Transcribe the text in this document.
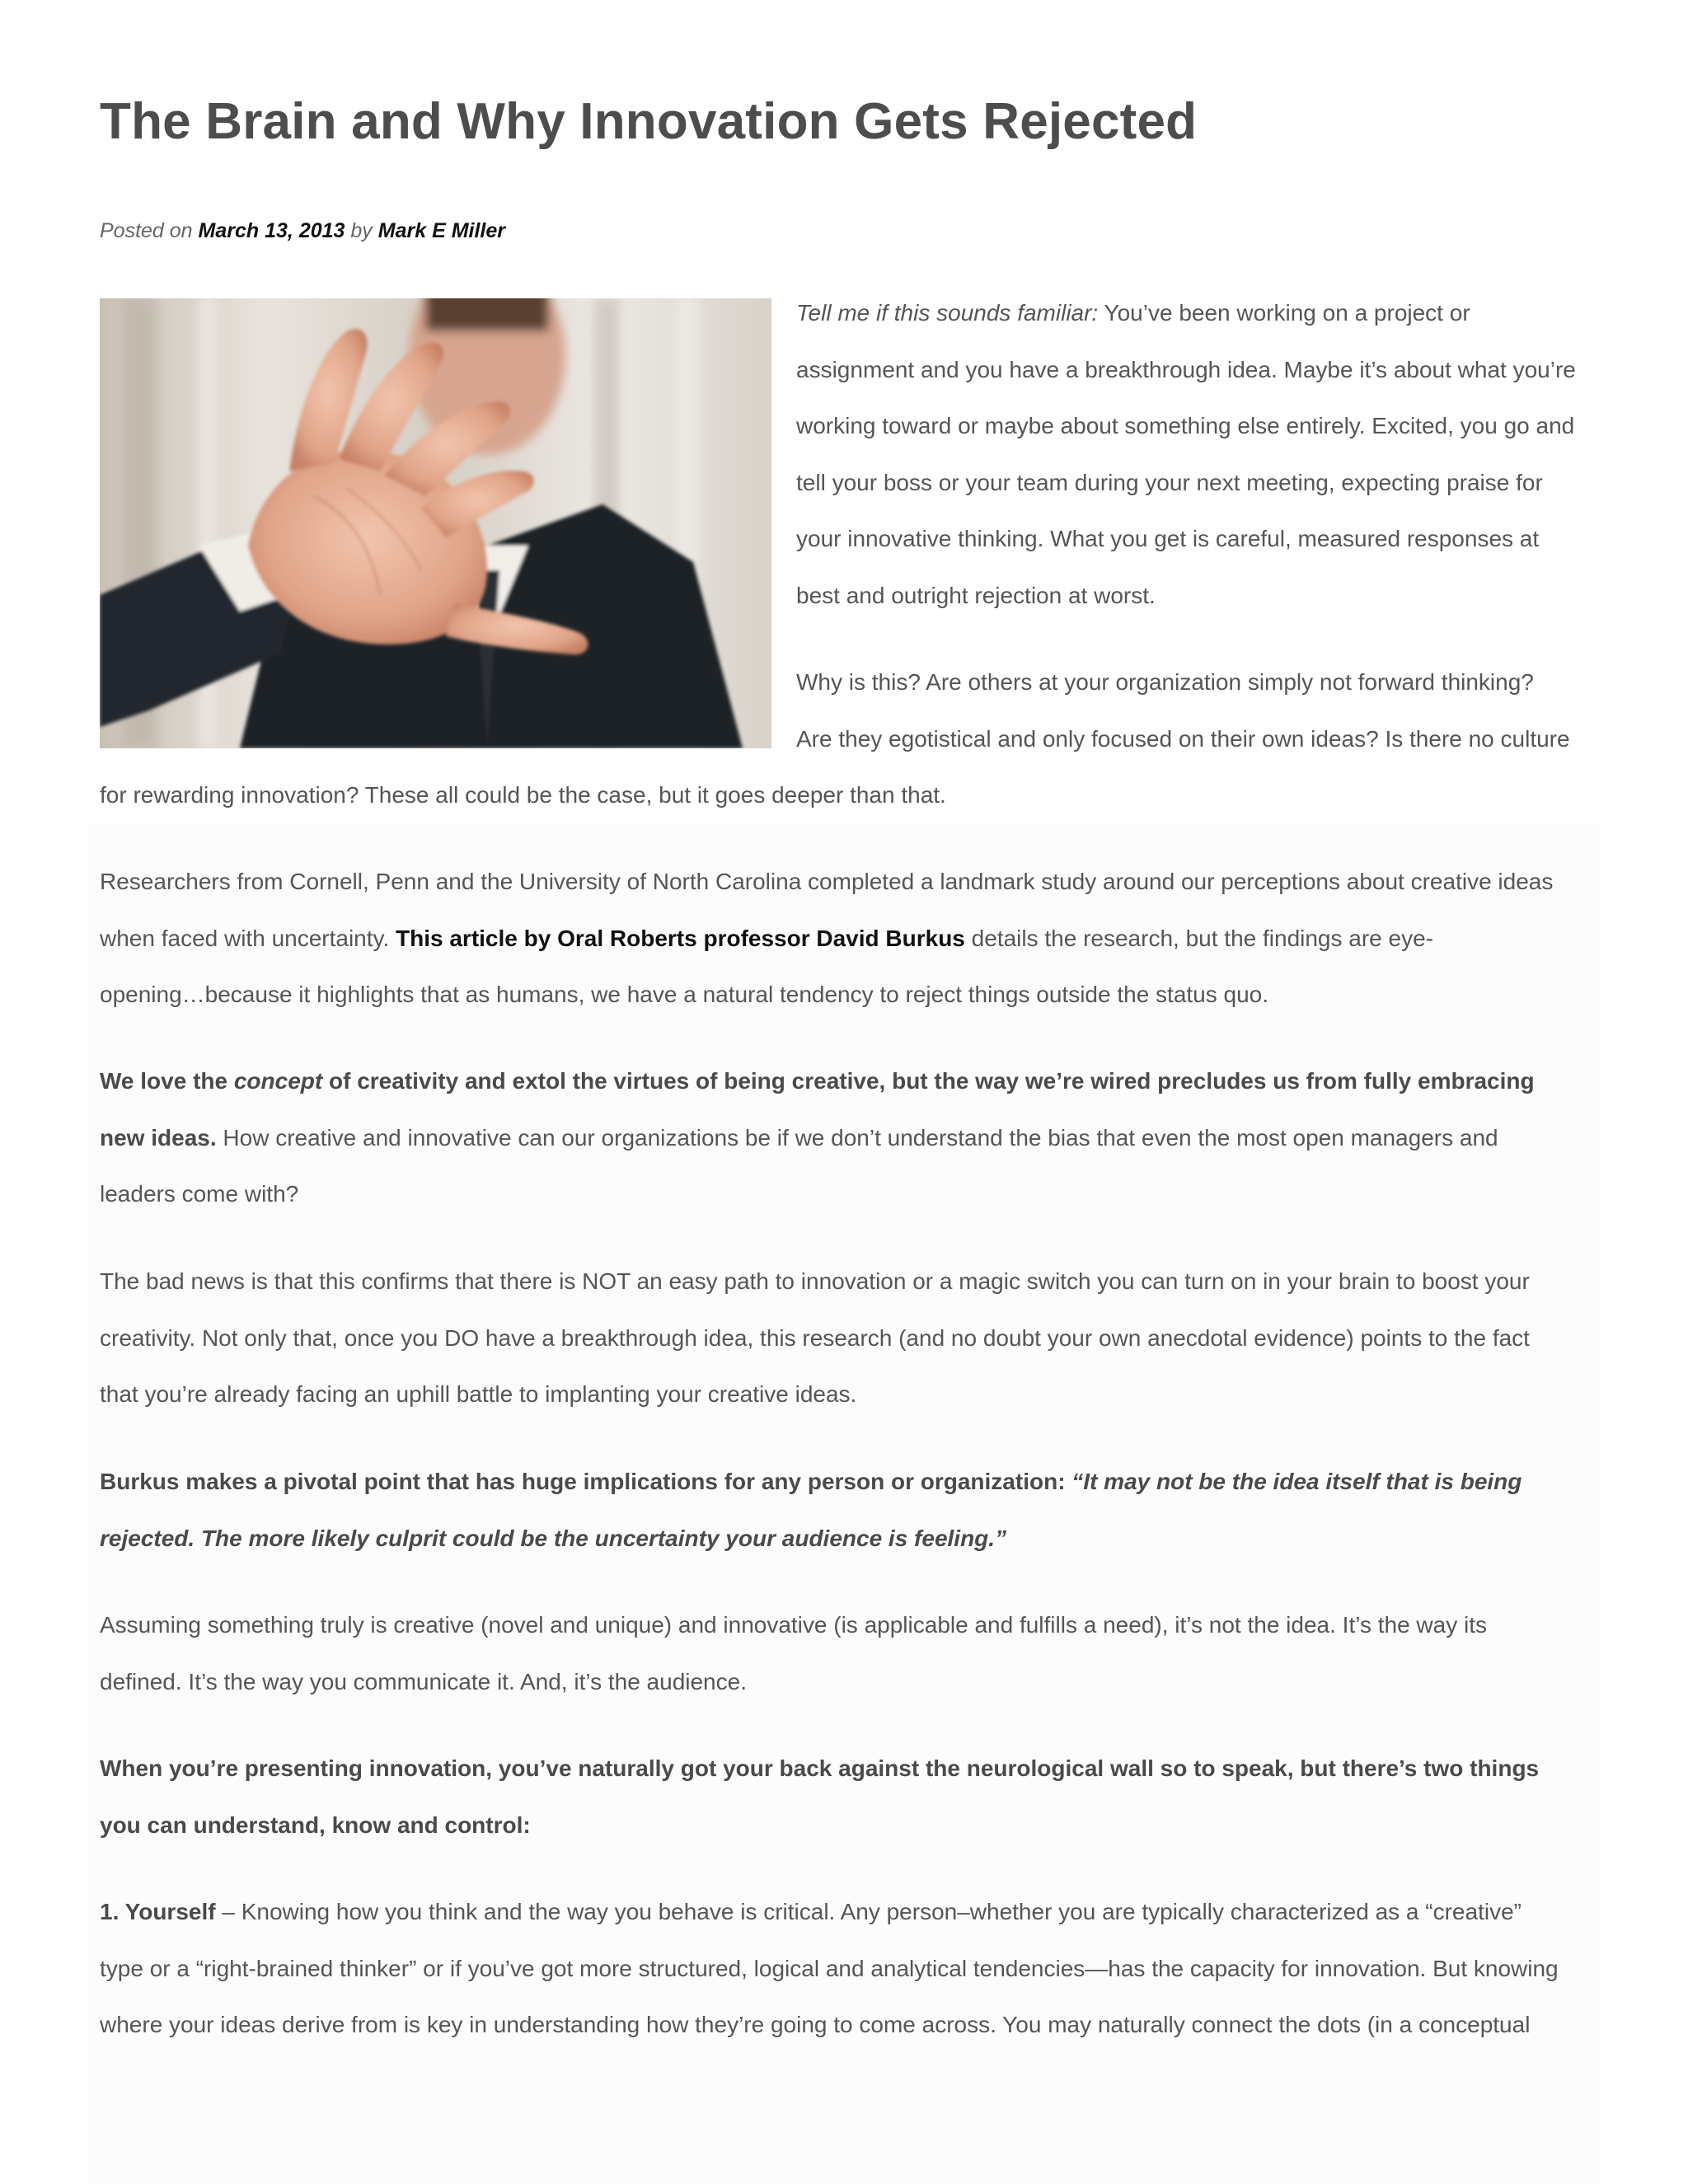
The Brain and Why Innovation Gets Rejected
Posted on March 13, 2013 by Mark E Miller
Tell me if this sounds familiar: You’ve been working on a project or
assignment and you have a breakthrough idea. Maybe it’s about what you’re
working toward or maybe about something else entirely. Excited, you go and
tell your boss or your team during your next meeting, expecting praise for
your innovative thinking. What you get is careful, measured responses at
best and outright rejection at worst.
Why is this? Are others at your organization simply not forward thinking?
Are they egotistical and only focused on their own ideas? Is there no culture
for rewarding innovation? These all could be the case, but it goes deeper than that.
Researchers from Cornell, Penn and the University of North Carolina completed a landmark study around our perceptions about creative ideas
when faced with uncertainty. This article by Oral Roberts professor David Burkus details the research, but the findings are eye-
opening…because it highlights that as humans, we have a natural tendency to reject things outside the status quo.
We love the concept of creativity and extol the virtues of being creative, but the way we’re wired precludes us from fully embracing
new ideas. How creative and innovative can our organizations be if we don’t understand the bias that even the most open managers and
leaders come with?
The bad news is that this confirms that there is NOT an easy path to innovation or a magic switch you can turn on in your brain to boost your
creativity. Not only that, once you DO have a breakthrough idea, this research (and no doubt your own anecdotal evidence) points to the fact
that you’re already facing an uphill battle to implanting your creative ideas.
Burkus makes a pivotal point that has huge implications for any person or organization: “It may not be the idea itself that is being
rejected. The more likely culprit could be the uncertainty your audience is feeling.”
Assuming something truly is creative (novel and unique) and innovative (is applicable and fulfills a need), it’s not the idea. It’s the way its
defined. It’s the way you communicate it. And, it’s the audience.
When you’re presenting innovation, you’ve naturally got your back against the neurological wall so to speak, but there’s two things
you can understand, know and control:
1. Yourself – Knowing how you think and the way you behave is critical. Any person–whether you are typically characterized as a “creative”
type or a “right-brained thinker” or if you’ve got more structured, logical and analytical tendencies—has the capacity for innovation. But knowing
where your ideas derive from is key in understanding how they’re going to come across. You may naturally connect the dots (in a conceptual
